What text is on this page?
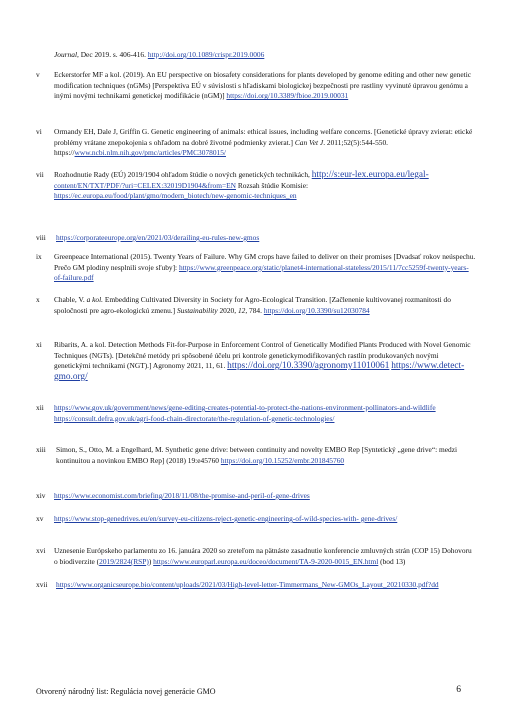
Journal, Dec 2019. s. 406-416. http://doi.org/10.1089/crispr.2019.0006
v Eckerstorfer MF a kol. (2019). An EU perspective on biosafety considerations for plants developed by genome editing and other new genetic modification techniques (nGMs) [Perspektíva EÚ v súvislosti s hľadiskami biologickej bezpečnosti pre rastliny vyvinuté úpravou genómu a inými novými technikami genetickej modifikácie (nGM)] https://doi.org/10.3389/fbioe.2019.00031
vi Ormandy EH, Dale J, Griffin G. Genetic engineering of animals: ethical issues, including welfare concerns. [Genetické úpravy zvierat: etické problémy vrátane znepokojenia s ohľadom na dobré životné podmienky zvierat.] Can Vet J. 2011;52(5):544-550. https://www.ncbi.nlm.nih.gov/pmc/articles/PMC3078015/
vii Rozhodnutie Rady (EÚ) 2019/1904 ohľadom štúdie o nových genetických technikách, http://s:eur-lex.europa.eu/legal- content/EN/TXT/PDF/?uri=CELEX:32019D1904&from=EN Rozsah štúdie Komisie: https://ec.europa.eu/food/plant/gmo/modern_biotech/new-genomic-techniques_en
viii https://corporateeurope.org/en/2021/03/derailing-eu-rules-new-gmos
ix Greenpeace International (2015). Twenty Years of Failure. Why GM crops have failed to deliver on their promises [Dvadsať rokov neúspechu. Prečo GM plodiny nesplnili svoje sľuby]: https://www.greenpeace.org/static/planet4-international-stateless/2015/11/7cc5259f-twenty-years- of-failure.pdf
x Chable, V. a kol. Embedding Cultivated Diversity in Society for Agro-Ecological Transition. [Začlenenie kultivovanej rozmanitosti do spoločnosti pre agro-ekologickú zmenu.] Sustainability 2020, 12, 784. https://doi.org/10.3390/su12030784
xi Ribarits, A. a kol. Detection Methods Fit-for-Purpose in Enforcement Control of Genetically Modified Plants Produced with Novel Genomic Techniques (NGTs). [Detekčné metódy pri spôsobené účelu pri kontrole genetickymodifikovaných rastlín produkovaných novými genetickými technikami (NGT).] Agronomy 2021, 11, 61. https://doi.org/10.3390/agronomy11010061 https://www.detect-gmo.org/
xii https://www.gov.uk/government/news/gene-editing-creates-potential-to-protect-the-nations-environment-pollinators-and-wildlife https://consult.defra.gov.uk/agri-food-chain-directorate/the-regulation-of-genetic-technologies/
xiii Simon, S., Otto, M. a Engelhard, M. Synthetic gene drive: between continuity and novelty EMBO Rep [Syntetický „gene drive“: medzi kontinuitou a novinkou EMBO Rep] (2018) 19:e45760 https://doi.org/10.15252/embr.201845760
xiv https://www.economist.com/briefing/2018/11/08/the-promise-and-peril-of-gene-drives
xv https://www.stop-genedrives.eu/en/survey-eu-citizens-reject-genetic-engineering-of-wild-species-with- gene-drives/
xvi Uznesenie Európskeho parlamentu zo 16. januára 2020 so zreteľom na pätnáste zasadnutie konferencie zmluvných strán (COP 15) Dohovoru o biodiverzite (2019/2824(RSP)) https://www.europarl.europa.eu/doceo/document/TA-9-2020-0015_EN.html (bod 13)
xvii https://www.organicseurope.bio/content/uploads/2021/03/High-level-letter-Timmermans_New-GMOs_Layout_20210330.pdf?dd
Otvorený národný list: Regulácia novej generácie GMO	6
